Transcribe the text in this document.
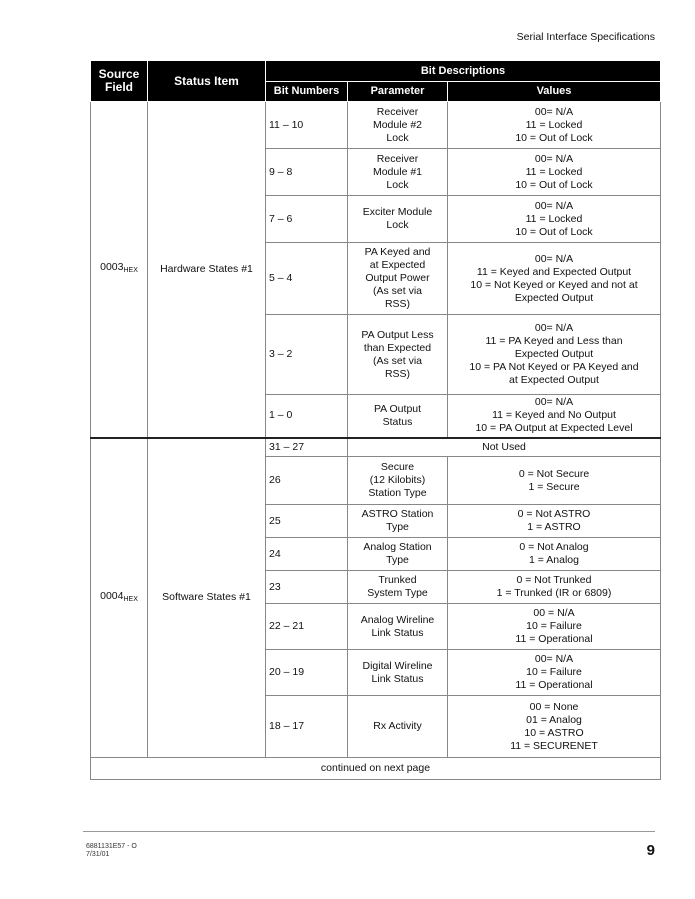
Serial Interface Specifications
Source
Field	Status Item	Bit Descriptions		
		Bit Numbers	Parameter	Values
$0003_{HEX}$	Hardware States #1	11 – 10	Receiver
Module #2
Lock	00= N/A
11 = Locked
10 = Out of Lock

		9 – 8	Receiver
Module #1
Lock	00= N/A
11 = Locked
10 = Out of Lock

		7 – 6	Exciter Module
Lock	00= N/A
11 = Locked
10 = Out of Lock

		5 – 4	PA Keyed and
at Expected
Output Power
(As set via
RSS)	00= N/A
11 = Keyed and Expected Output
10 = Not Keyed or Keyed and not at
Expected Output

		3 – 2	PA Output Less
than Expected
(As set via
RSS)	00= N/A
11 = PA Keyed and Less than
Expected Output
10 = PA Not Keyed or PA Keyed and
at Expected Output

		1 – 0	PA Output
Status	00= N/A
11 = Keyed and No Output
10 = PA Output at Expected Level

$0004_{HEX}$	Software States #1	31 – 27	Not Used	
		26	Secure
(12 Kilobits)
Station Type	0 = Not Secure
1 = Secure

		25	ASTRO Station
Type	0 = Not ASTRO
1 = ASTRO

		24	Analog Station
Type	0 = Not Analog
1 = Analog

		23	Trunked
System Type	0 = Not Trunked
1 = Trunked (IR or 6809)

		22 – 21	Analog Wireline
Link Status	00 = N/A
10 = Failure
11 = Operational

		20 – 19	Digital Wireline
Link Status	00= N/A
10 = Failure
11 = Operational

		18 – 17	Rx Activity	00 = None
01 = Analog
10 = ASTRO
11 = SECURENET

continued on next page				
6881131E57 - O
7/31/01	9
